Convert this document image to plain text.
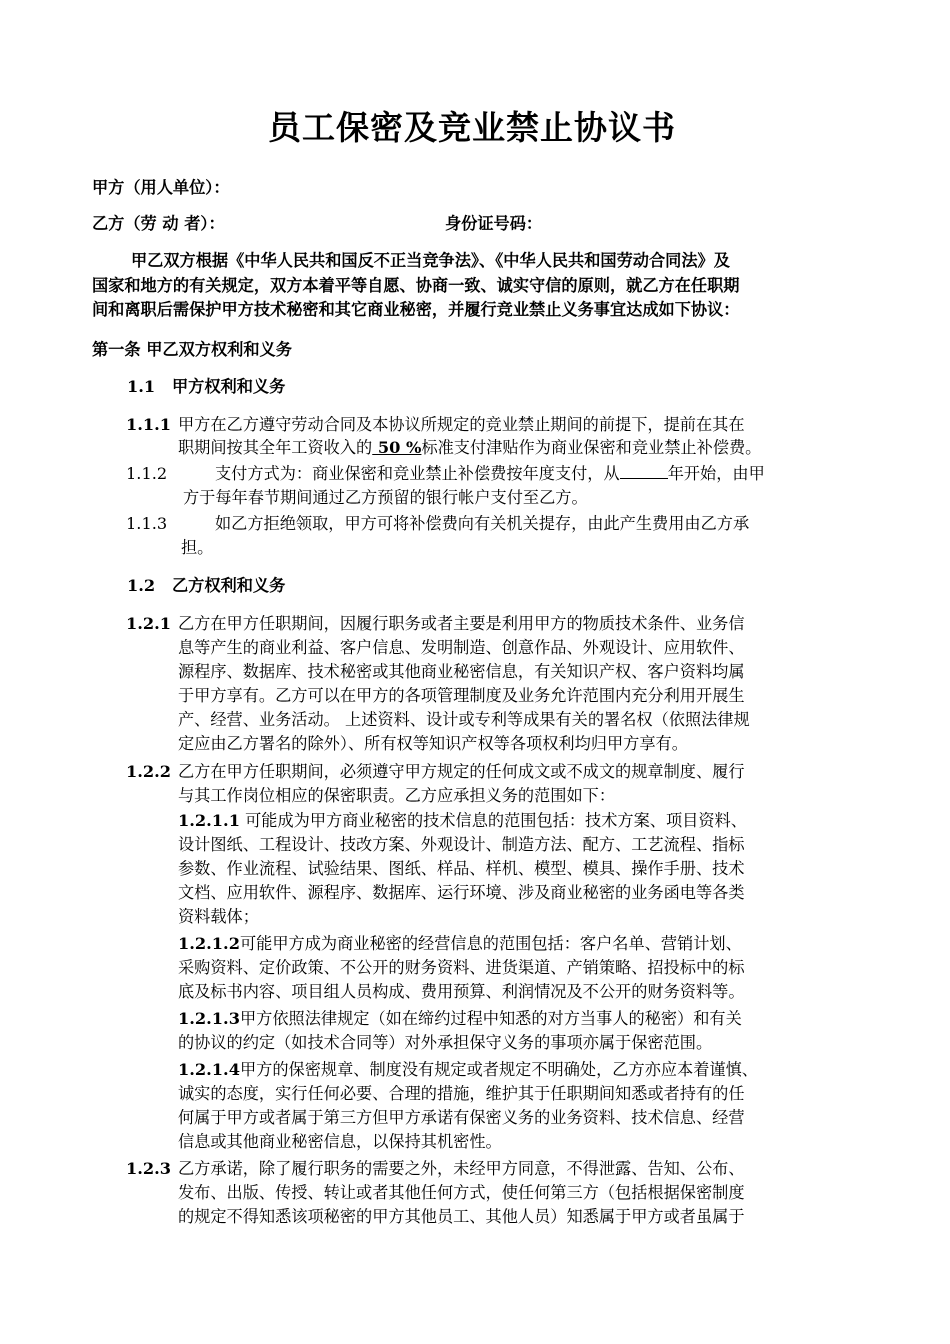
员工保密及竞业禁止协议书
甲方（用人单位）：
乙方（劳 动 者）：	身份证号码：
甲乙双方根据《中华人民共和国反不正当竞争法》、《中华人民共和国劳动合同法》及
国家和地方的有关规定，双方本着平等自愿、协商一致、诚实守信的原则，就乙方在任职期
间和离职后需保护甲方技术秘密和其它商业秘密，并履行竞业禁止义务事宜达成如下协议：
第一条 甲乙双方权利和义务
1.1 甲方权利和义务
1.1.1 甲方在乙方遵守劳动合同及本协议所规定的竞业禁止期间的前提下，提前在其在
职期间按其全年工资收入的 50 %标准支付津贴作为商业保密和竞业禁止补偿费。
1.1.2	支付方式为：商业保密和竞业禁止补偿费按年度支付，从	年开始，由甲
方于每年春节期间通过乙方预留的银行帐户支付至乙方。
1.1.3	如乙方拒绝领取，甲方可将补偿费向有关机关提存，由此产生费用由乙方承
担。
1.2 乙方权利和义务
1.2.1 乙方在甲方任职期间，因履行职务或者主要是利用甲方的物质技术条件、业务信
息等产生的商业利益、客户信息、发明制造、创意作品、外观设计、应用软件、
源程序、数据库、技术秘密或其他商业秘密信息，有关知识产权、客户资料均属
于甲方享有。乙方可以在甲方的各项管理制度及业务允许范围内充分利用开展生
产、经营、业务活动。 上述资料、设计或专利等成果有关的署名权（依照法律规
定应由乙方署名的除外）、所有权等知识产权等各项权利均归甲方享有。
1.2.2 乙方在甲方任职期间，必须遵守甲方规定的任何成文或不成文的规章制度、履行
与其工作岗位相应的保密职责。乙方应承担义务的范围如下：
1.2.1.1 可能成为甲方商业秘密的技术信息的范围包括：技术方案、项目资料、
设计图纸、工程设计、技改方案、外观设计、制造方法、配方、工艺流程、指标
参数、作业流程、试验结果、图纸、样品、样机、模型、模具、操作手册、技术
文档、应用软件、源程序、数据库、运行环境、涉及商业秘密的业务函电等各类
资料载体；
1.2.1.2可能甲方成为商业秘密的经营信息的范围包括：客户名单、营销计划、
采购资料、定价政策、不公开的财务资料、进货渠道、产销策略、招投标中的标
底及标书内容、项目组人员构成、费用预算、利润情况及不公开的财务资料等。
1.2.1.3甲方依照法律规定（如在缔约过程中知悉的对方当事人的秘密）和有关
的协议的约定（如技术合同等）对外承担保守义务的事项亦属于保密范围。
1.2.1.4甲方的保密规章、制度没有规定或者规定不明确处，乙方亦应本着谨慎、
诚实的态度，实行任何必要、合理的措施，维护其于任职期间知悉或者持有的任
何属于甲方或者属于第三方但甲方承诺有保密义务的业务资料、技术信息、经营
信息或其他商业秘密信息，以保持其机密性。
1.2.3 乙方承诺，除了履行职务的需要之外，未经甲方同意，不得泄露、告知、公布、
发布、出版、传授、转让或者其他任何方式，使任何第三方（包括根据保密制度
的规定不得知悉该项秘密的甲方其他员工、其他人员）知悉属于甲方或者虽属于
